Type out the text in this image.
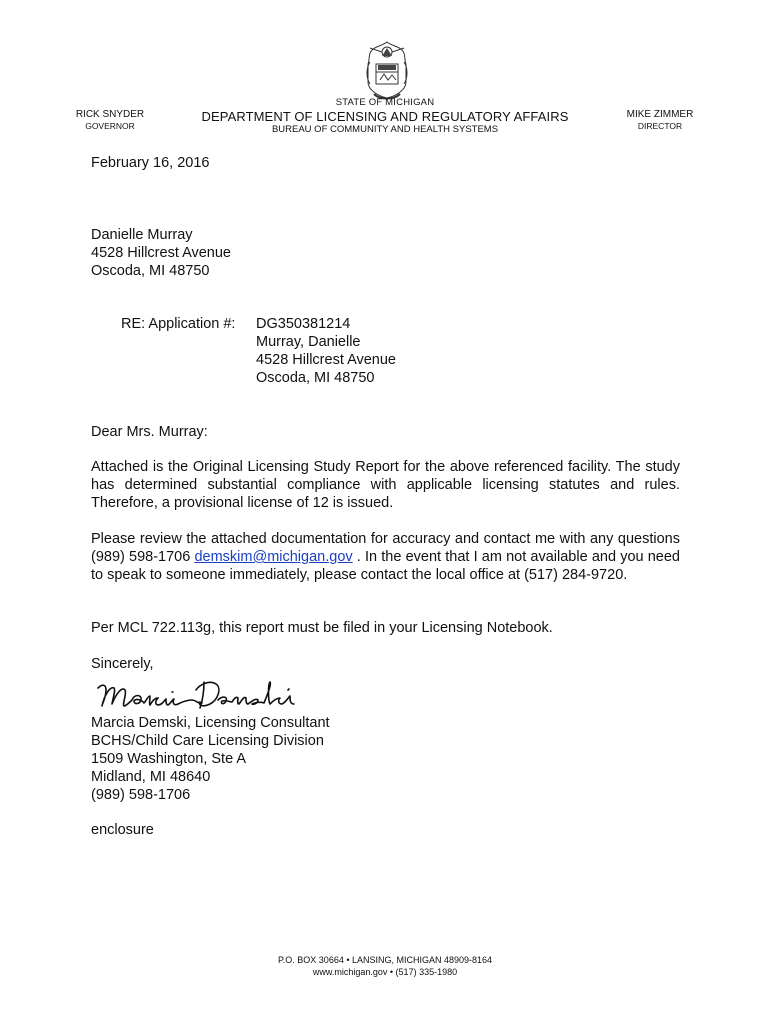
STATE OF MICHIGAN
DEPARTMENT OF LICENSING AND REGULATORY AFFAIRS
BUREAU OF COMMUNITY AND HEALTH SYSTEMS
RICK SNYDER
GOVERNOR
MIKE ZIMMER
DIRECTOR
February 16, 2016
Danielle Murray
4528 Hillcrest Avenue
Oscoda, MI 48750
RE: Application #: DG350381214
Murray, Danielle
4528 Hillcrest Avenue
Oscoda, MI 48750
Dear Mrs. Murray:
Attached is the Original Licensing Study Report for the above referenced facility. The study has determined substantial compliance with applicable licensing statutes and rules. Therefore, a provisional license of 12 is issued.
Please review the attached documentation for accuracy and contact me with any questions (989) 598-1706 demskim@michigan.gov . In the event that I am not available and you need to speak to someone immediately, please contact the local office at (517) 284-9720.
Per MCL 722.113g, this report must be filed in your Licensing Notebook.
Sincerely,
Marcia Demski, Licensing Consultant
BCHS/Child Care Licensing Division
1509 Washington, Ste A
Midland, MI 48640
(989) 598-1706
enclosure
P.O. BOX 30664 • LANSING, MICHIGAN 48909-8164
www.michigan.gov • (517) 335-1980
